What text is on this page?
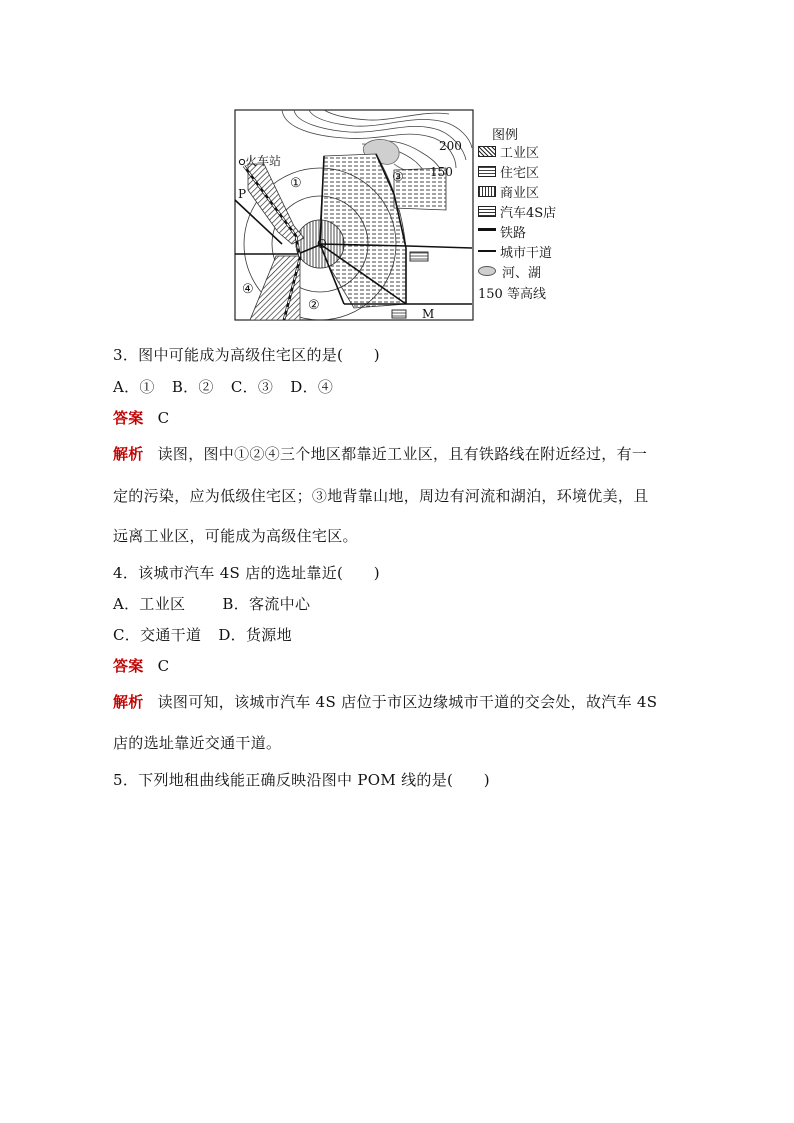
火车站
P
M
O
200
150
①
②
③
④
图例
工业区
住宅区
商业区
汽车4S店
铁路
城市干道
河、湖
150 等高线
3．图中可能成为高级住宅区的是(　　)
A．① B．② C．③ D．④
答案 C
解析 读图，图中①②④三个地区都靠近工业区，且有铁路线在附近经过，有一
定的污染，应为低级住宅区；③地背靠山地，周边有河流和湖泊，环境优美，且
远离工业区，可能成为高级住宅区。
4．该城市汽车 4S 店的选址靠近(　　)
A．工业区 B．客流中心
C．交通干道 D．货源地
答案 C
解析 读图可知，该城市汽车 4S 店位于市区边缘城市干道的交会处，故汽车 4S
店的选址靠近交通干道。
5．下列地租曲线能正确反映沿图中 POM 线的是(　　)
